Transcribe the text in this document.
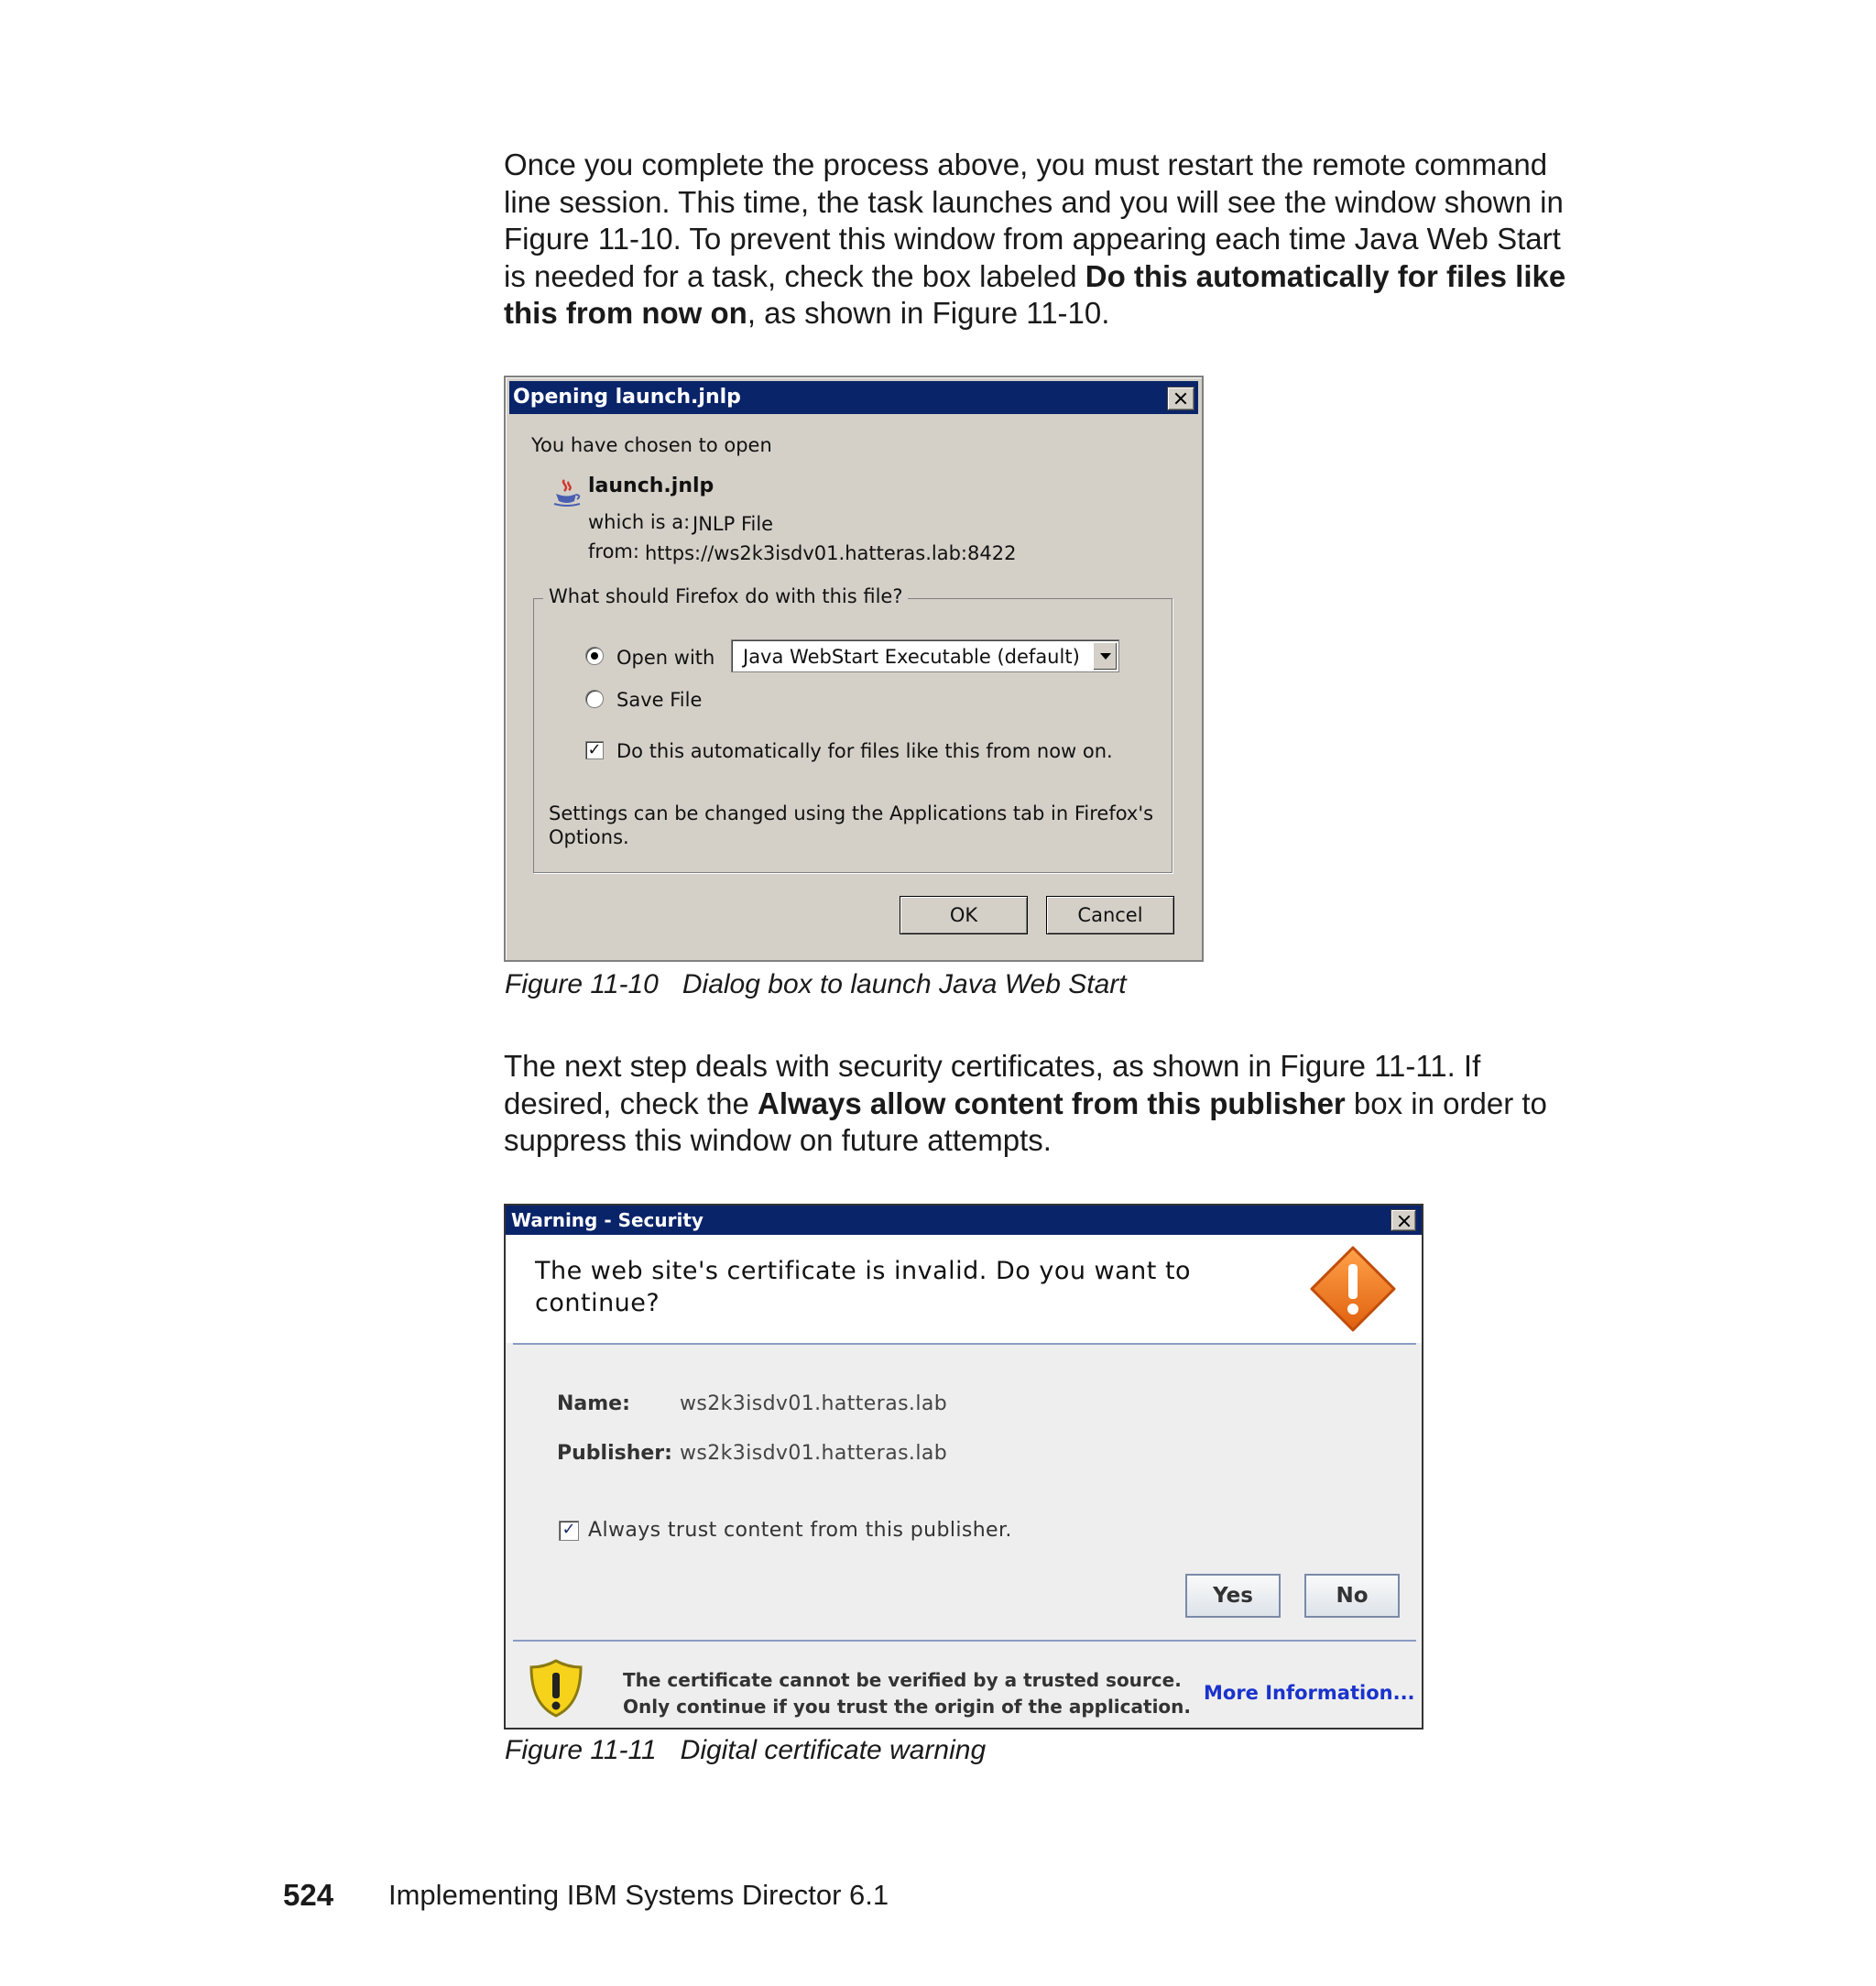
Once you complete the process above, you must restart the remote command line session. This time, the task launches and you will see the window shown in Figure 11-10. To prevent this window from appearing each time Java Web Start is needed for a task, check the box labeled Do this automatically for files like this from now on, as shown in Figure 11-10.

Opening launch.jnlp
You have chosen to open
launch.jnlp
which is a: JNLP File
from: https://ws2k3isdv01.hatteras.lab:8422
What should Firefox do with this file?
Open with Java WebStart Executable (default)
Save File
✓ Do this automatically for files like this from now on.
Settings can be changed using the Applications tab in Firefox's
Options.
OK	Cancel
Figure 11-10 Dialog box to launch Java Web Start

The next step deals with security certificates, as shown in Figure 11-11. If desired, check the Always allow content from this publisher box in order to suppress this window on future attempts.

Warning - Security
The web site's certificate is invalid. Do you want to
continue?
Name: ws2k3isdv01.hatteras.lab
Publisher: ws2k3isdv01.hatteras.lab
✓ Always trust content from this publisher.
Yes	No
The certificate cannot be verified by a trusted source.
Only continue if you trust the origin of the application.
More Information...
Figure 11-11 Digital certificate warning
524 Implementing IBM Systems Director 6.1
